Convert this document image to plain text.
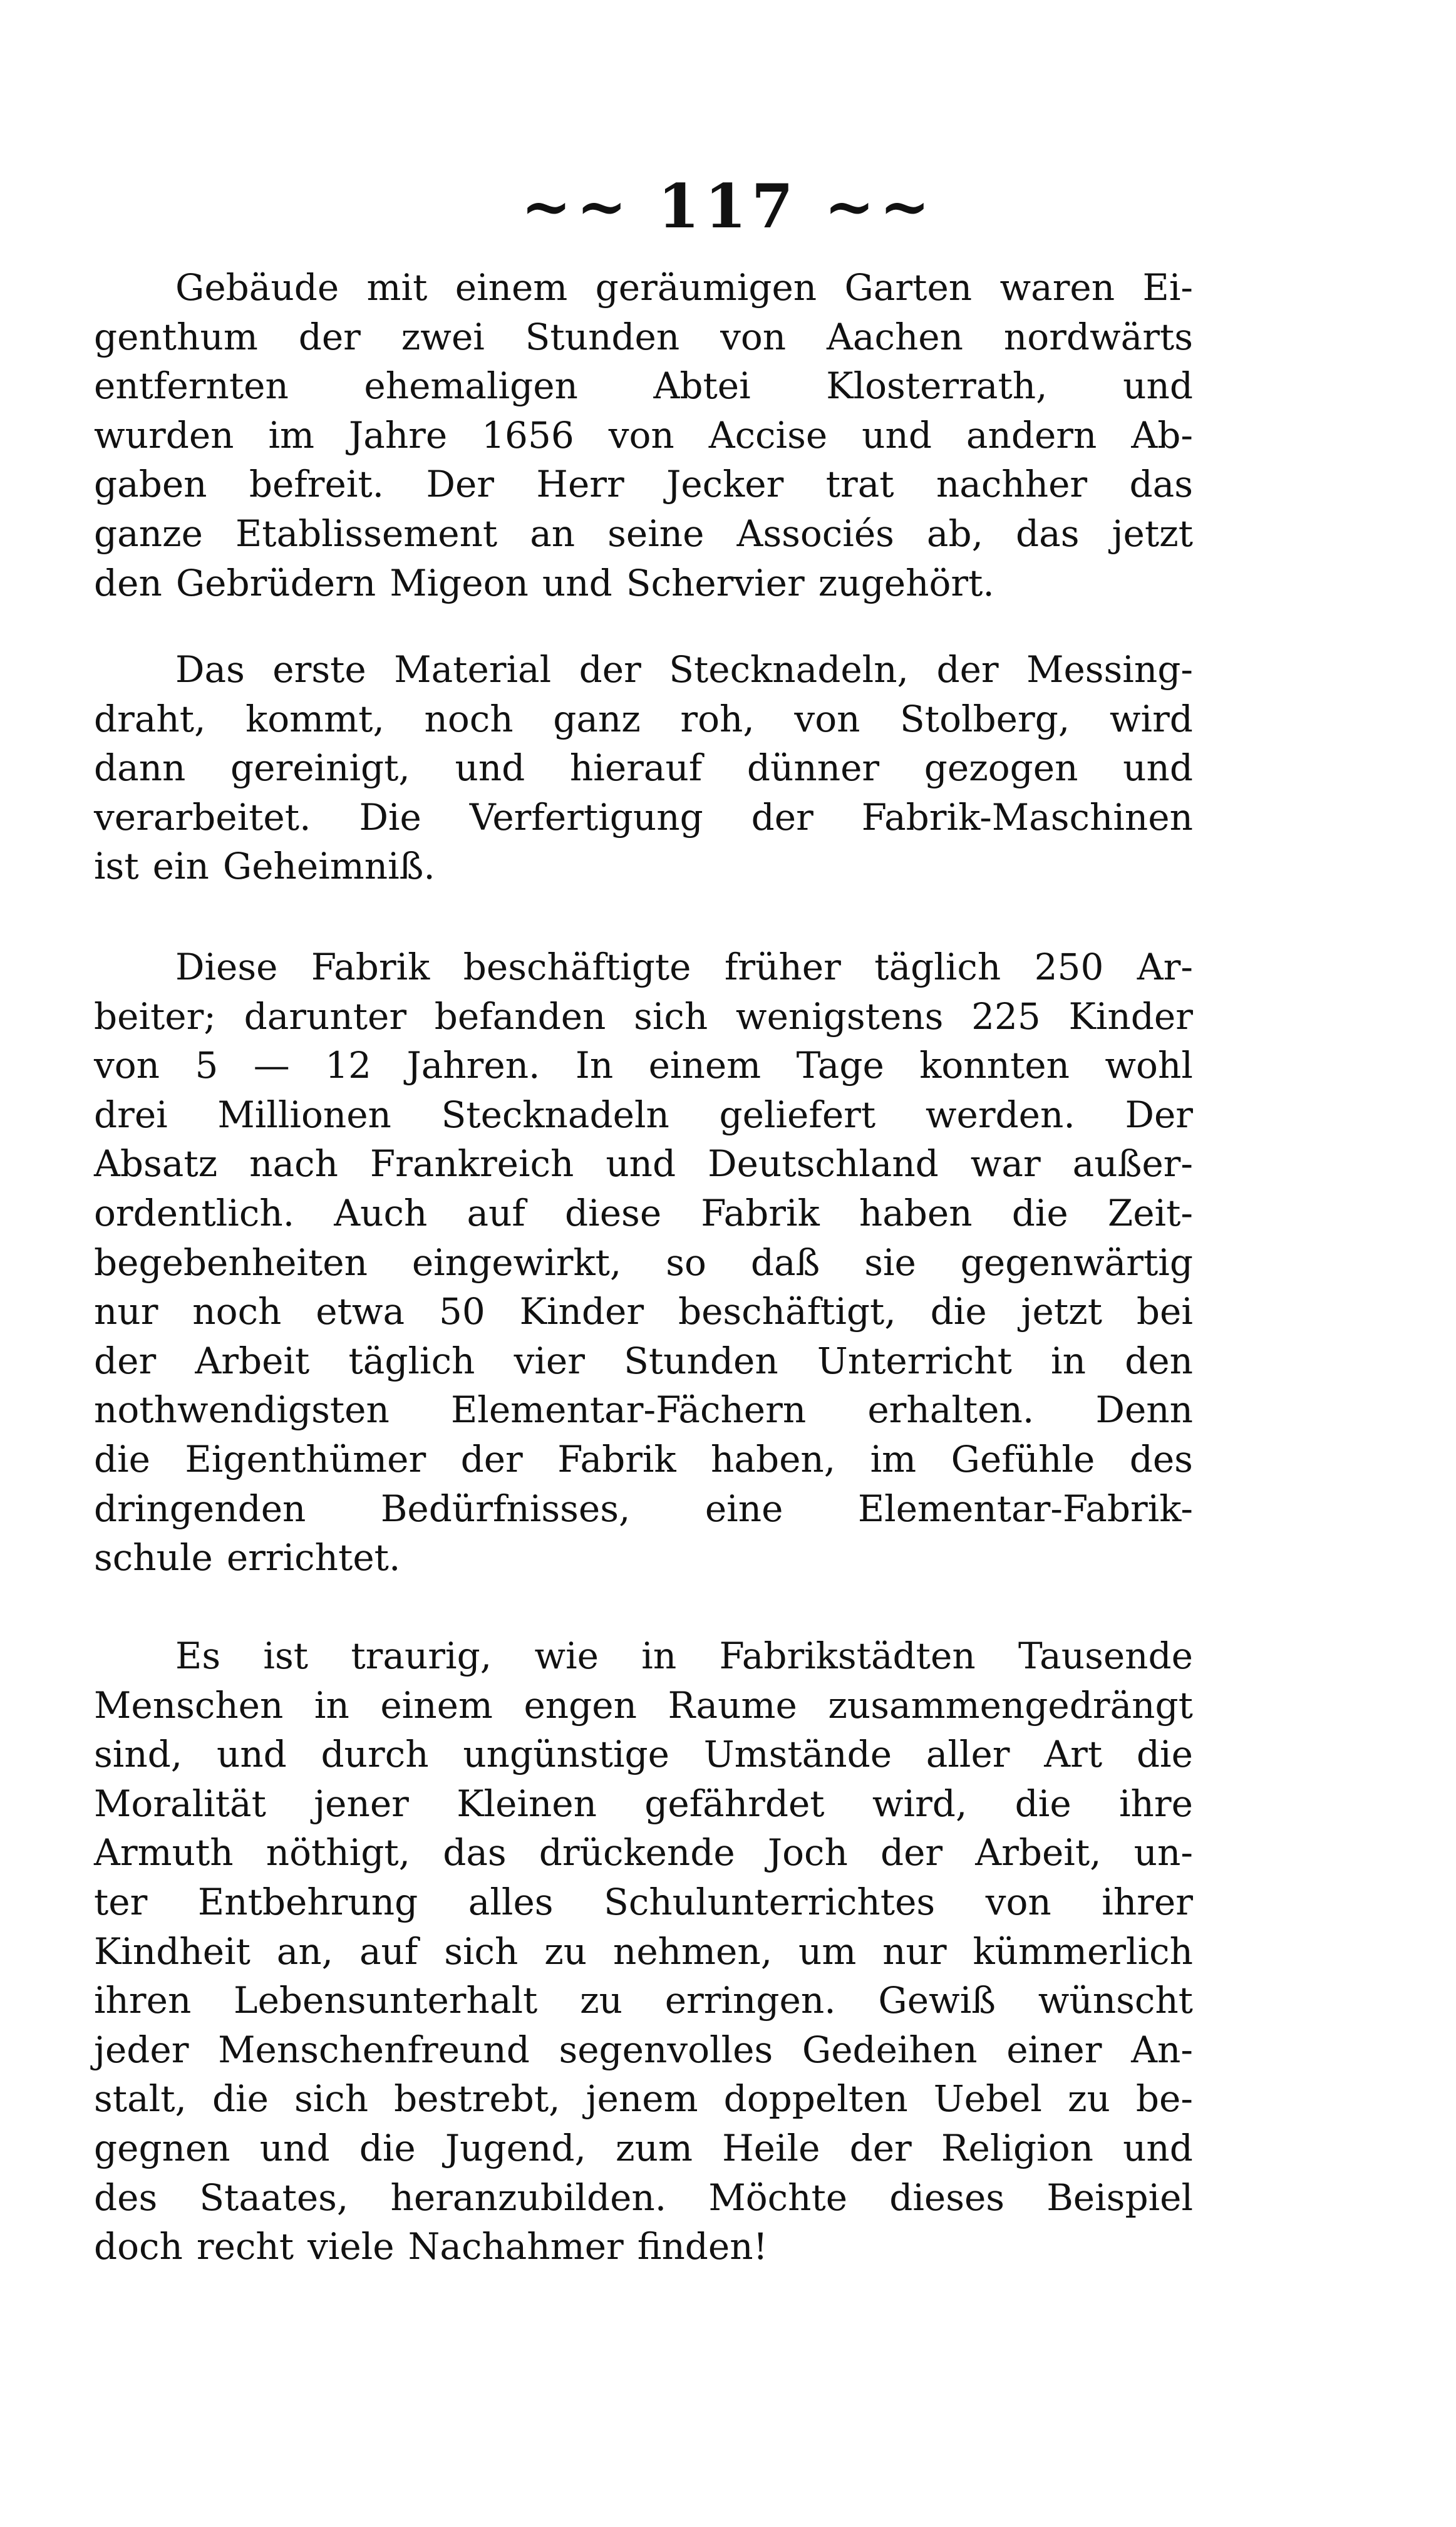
~~ 117 ~~
Gebäude mit einem geräumigen Garten waren Ei-
genthum der zwei Stunden von Aachen nordwärts
entfernten ehemaligen Abtei Klosterrath, und
wurden im Jahre 1656 von Accise und andern Ab-
gaben befreit. Der Herr Jecker trat nachher das
ganze Etablissement an seine Associés ab, das jetzt
den Gebrüdern Migeon und Schervier zugehört.
Das erste Material der Stecknadeln, der Messing-
draht, kommt, noch ganz roh, von Stolberg, wird
dann gereinigt, und hierauf dünner gezogen und
verarbeitet. Die Verfertigung der Fabrik-Maschinen
ist ein Geheimniß.
Diese Fabrik beschäftigte früher täglich 250 Ar-
beiter; darunter befanden sich wenigstens 225 Kinder
von 5 — 12 Jahren. In einem Tage konnten wohl
drei Millionen Stecknadeln geliefert werden. Der
Absatz nach Frankreich und Deutschland war außer-
ordentlich. Auch auf diese Fabrik haben die Zeit-
begebenheiten eingewirkt, so daß sie gegenwärtig
nur noch etwa 50 Kinder beschäftigt, die jetzt bei
der Arbeit täglich vier Stunden Unterricht in den
nothwendigsten Elementar-Fächern erhalten. Denn
die Eigenthümer der Fabrik haben, im Gefühle des
dringenden Bedürfnisses, eine Elementar-Fabrik-
schule errichtet.
Es ist traurig, wie in Fabrikstädten Tausende
Menschen in einem engen Raume zusammengedrängt
sind, und durch ungünstige Umstände aller Art die
Moralität jener Kleinen gefährdet wird, die ihre
Armuth nöthigt, das drückende Joch der Arbeit, un-
ter Entbehrung alles Schulunterrichtes von ihrer
Kindheit an, auf sich zu nehmen, um nur kümmerlich
ihren Lebensunterhalt zu erringen. Gewiß wünscht
jeder Menschenfreund segenvolles Gedeihen einer An-
stalt, die sich bestrebt, jenem doppelten Uebel zu be-
gegnen und die Jugend, zum Heile der Religion und
des Staates, heranzubilden. Möchte dieses Beispiel
doch recht viele Nachahmer finden!
